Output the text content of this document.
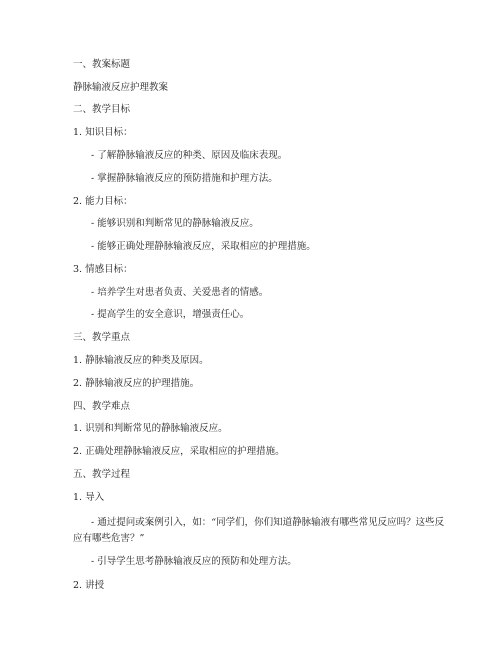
一、教案标题
静脉输液反应护理教案
二、教学目标
1. 知识目标：
- 了解静脉输液反应的种类、原因及临床表现。
- 掌握静脉输液反应的预防措施和护理方法。
2. 能力目标：
- 能够识别和判断常见的静脉输液反应。
- 能够正确处理静脉输液反应，采取相应的护理措施。
3. 情感目标：
- 培养学生对患者负责、关爱患者的情感。
- 提高学生的安全意识，增强责任心。
三、教学重点
1. 静脉输液反应的种类及原因。
2. 静脉输液反应的护理措施。
四、教学难点
1. 识别和判断常见的静脉输液反应。
2. 正确处理静脉输液反应，采取相应的护理措施。
五、教学过程
1. 导入
- 通过提问或案例引入，如：“同学们，你们知道静脉输液有哪些常见反应吗？这些反应有哪些危害？”
- 引导学生思考静脉输液反应的预防和处理方法。
2. 讲授
